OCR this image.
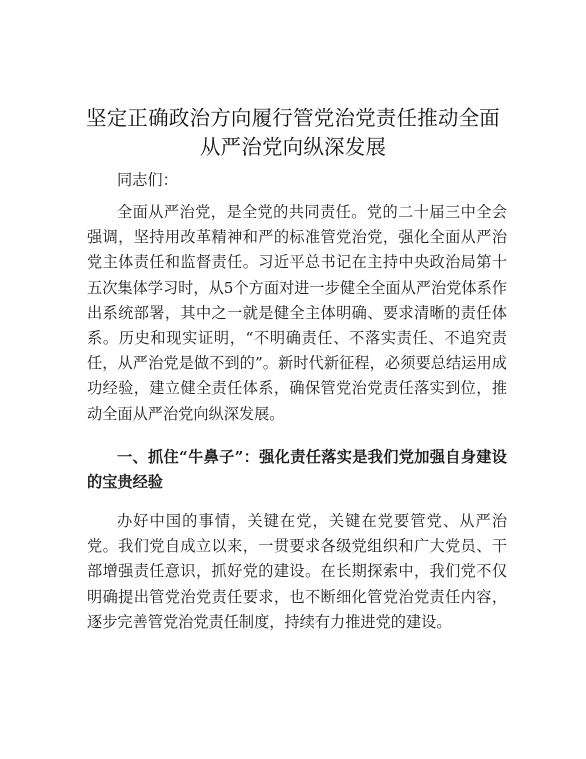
坚定正确政治方向履行管党治党责任推动全面
从严治党向纵深发展
同志们：
全面从严治党，是全党的共同责任。党的二十届三中全会强调，坚持用改革精神和严的标准管党治党，强化全面从严治党主体责任和监督责任。习近平总书记在主持中央政治局第十五次集体学习时，从5个方面对进一步健全全面从严治党体系作出系统部署，其中之一就是健全主体明确、要求清晰的责任体系。历史和现实证明，“不明确责任、不落实责任、不追究责任，从严治党是做不到的”。新时代新征程，必须要总结运用成功经验，建立健全责任体系，确保管党治党责任落实到位，推动全面从严治党向纵深发展。
一、抓住“牛鼻子”：强化责任落实是我们党加强自身建设的宝贵经验
办好中国的事情，关键在党，关键在党要管党、从严治党。我们党自成立以来，一贯要求各级党组织和广大党员、干部增强责任意识，抓好党的建设。在长期探索中，我们党不仅明确提出管党治党责任要求，也不断细化管党治党责任内容，逐步完善管党治党责任制度，持续有力推进党的建设。
